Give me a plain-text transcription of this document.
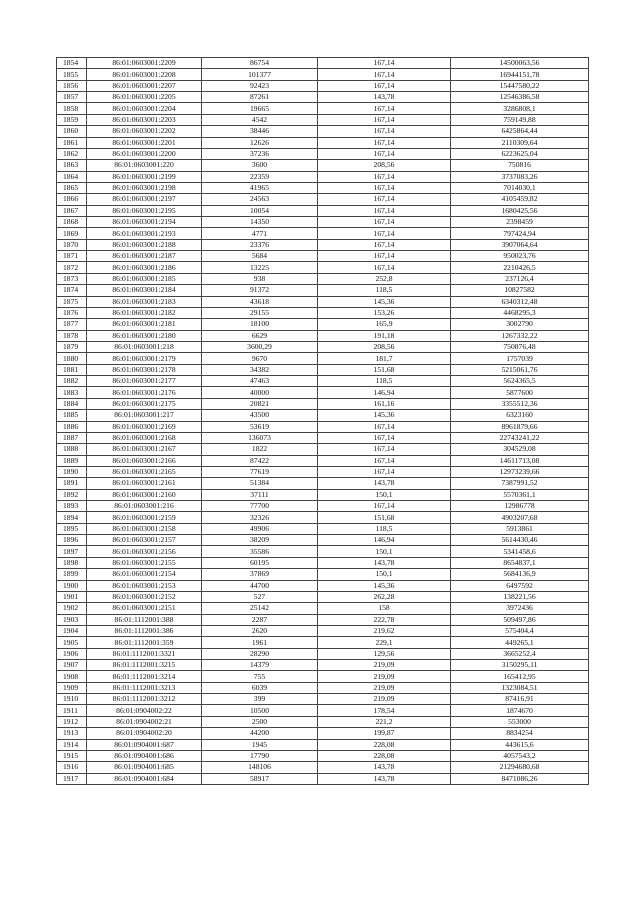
1854	86:01:0603001:2209	86754	167,14	14500063,56
1855	86:01:0603001:2208	101377	167,14	16944151,78
1856	86:01:0603001:2207	92423	167,14	15447580,22
1857	86:01:0603001:2205	87261	143,78	12546386,58
1858	86:01:0603001:2204	19665	167,14	3286808,1
1859	86:01:0603001:2203	4542	167,14	759149,88
1860	86:01:0603001:2202	38446	167,14	6425864,44
1861	86:01:0603001:2201	12626	167,14	2110309,64
1862	86:01:0603001:2200	37236	167,14	6223625,04
1863	86:01:0603001:220	3600	208,56	750816
1864	86:01:0603001:2199	22359	167,14	3737083,26
1865	86:01:0603001:2198	41965	167,14	7014030,1
1866	86:01:0603001:2197	24563	167,14	4105459,82
1867	86:01:0603001:2195	10054	167,14	1680425,56
1868	86:01:0603001:2194	14350	167,14	2398459
1869	86:01:0603001:2193	4771	167,14	797424,94
1870	86:01:0603001:2188	23376	167,14	3907064,64
1871	86:01:0603001:2187	5684	167,14	950023,76
1872	86:01:0603001:2186	13225	167,14	2210426,5
1873	86:01:0603001:2185	938	252,8	237126,4
1874	86:01:0603001:2184	91372	118,5	10827582
1875	86:01:0603001:2183	43618	145,36	6340312,48
1876	86:01:0603001:2182	29155	153,26	4468295,3
1877	86:01:0603001:2181	18100	165,9	3002790
1878	86:01:0603001:2180	6629	191,18	1267332,22
1879	86:01:0603001:218	3600,29	208,56	750876,48
1880	86:01:0603001:2179	9670	181,7	1757039
1881	86:01:0603001:2178	34382	151,68	5215061,76
1882	86:01:0603001:2177	47463	118,5	5624365,5
1883	86:01:0603001:2176	40000	146,94	5877600
1884	86:01:0603001:2175	20821	161,16	3355512,36
1885	86:01:0603001:217	43500	145,36	6323160
1886	86:01:0603001:2169	53619	167,14	8961879,66
1887	86:01:0603001:2168	136073	167,14	22743241,22
1888	86:01:0603001:2167	1822	167,14	304529,08
1889	86:01:0603001:2166	87422	167,14	14611713,08
1890	86:01:0603001:2165	77619	167,14	12973239,66
1891	86:01:0603001:2161	51384	143,78	7387991,52
1892	86:01:0603001:2160	37111	150,1	5570361,1
1893	86:01:0603001:216	77700	167,14	12986778
1894	86:01:0603001:2159	32326	151,68	4903207,68
1895	86:01:0603001:2158	49906	118,5	5913861
1896	86:01:0603001:2157	38209	146,94	5614430,46
1897	86:01:0603001:2156	35586	150,1	5341458,6
1898	86:01:0603001:2155	60195	143,78	8654837,1
1899	86:01:0603001:2154	37869	150,1	5684136,9
1900	86:01:0603001:2153	44700	145,36	6497592
1901	86:01:0603001:2152	527	262,28	138221,56
1902	86:01:0603001:2151	25142	158	3972436
1903	86:01:1112001:388	2287	222,78	509497,86
1904	86:01:1112001:386	2620	219,62	575404,4
1905	86:01:1112001:359	1961	229,1	449265,1
1906	86:01:1112001:3321	28290	129,56	3665252,4
1907	86:01:1112001:3215	14379	219,09	3150295,11
1908	86:01:1112001:3214	755	219,09	165412,95
1909	86:01:1112001:3213	6039	219,09	1323084,51
1910	86:01:1112001:3212	399	219,09	87416,91
1911	86:01:0904002:22	10500	178,54	1874670
1912	86:01:0904002:21	2500	221,2	553000
1913	86:01:0904002:20	44200	199,87	8834254
1914	86:01:0904001:687	1945	228,08	443615,6
1915	86:01:0904001:686	17790	228,08	4057543,2
1916	86:01:0904001:685	148106	143,78	21294680,68
1917	86:01:0904001:684	58917	143,78	8471086,26
